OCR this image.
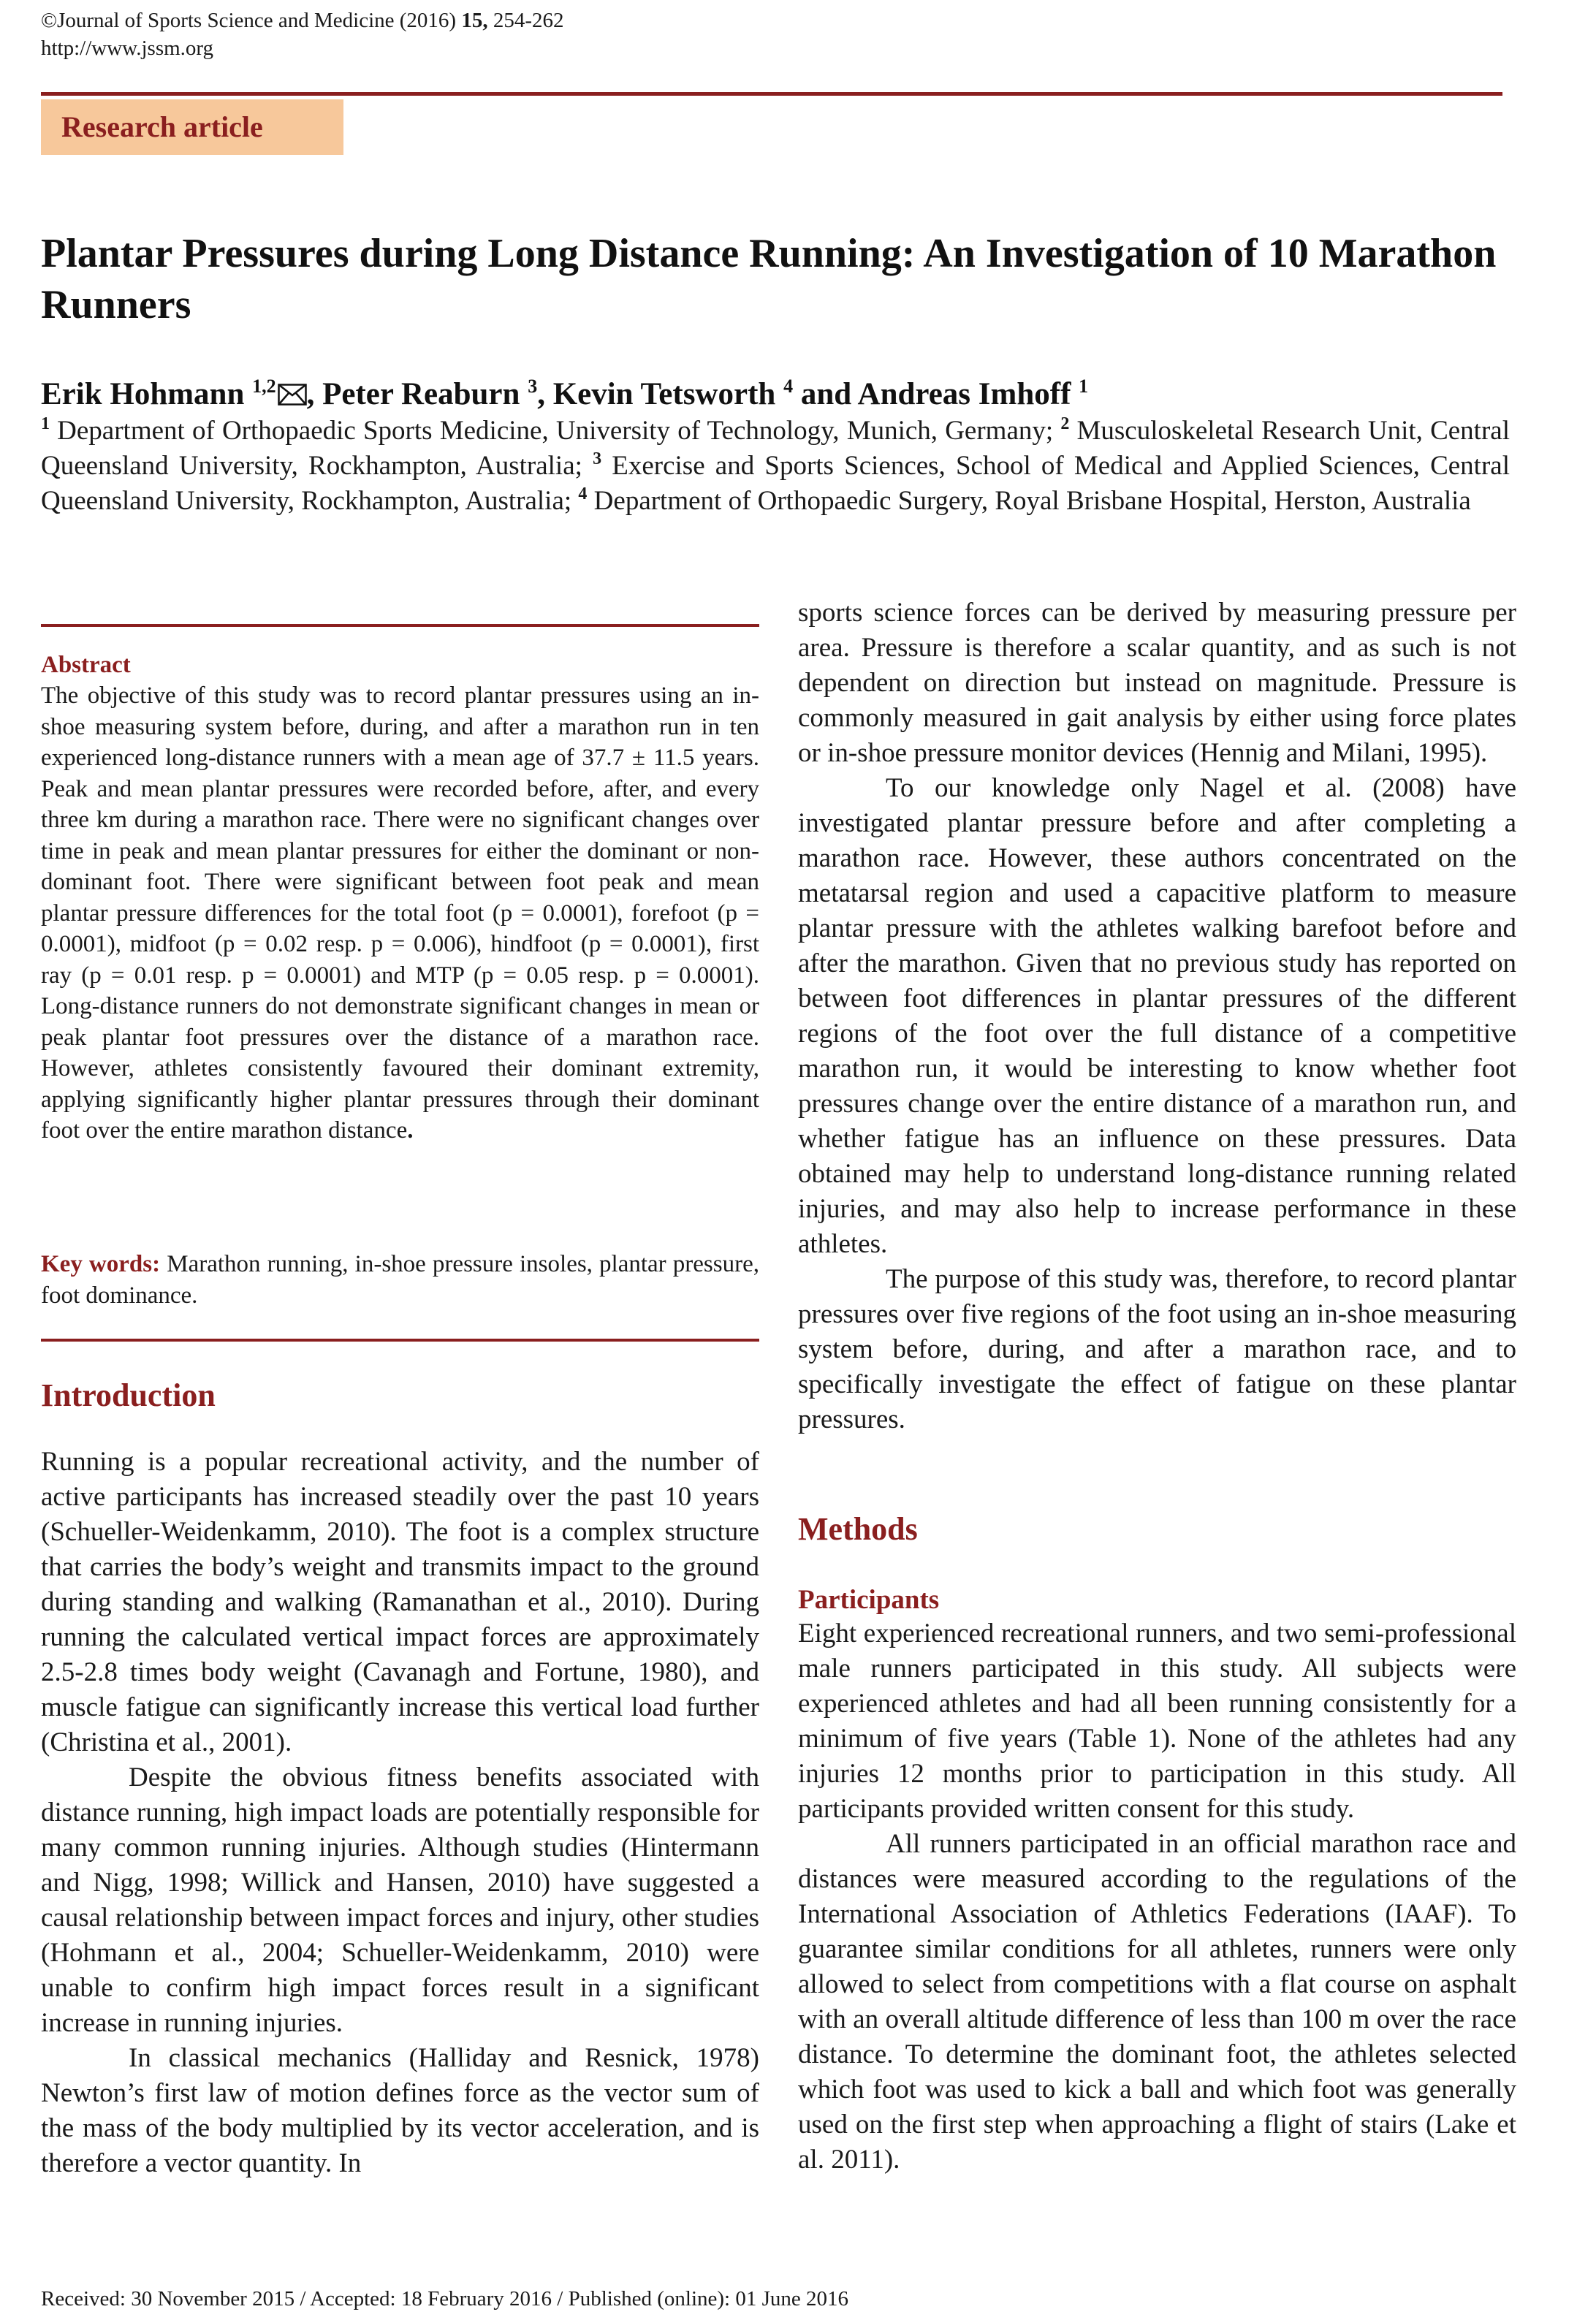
©Journal of Sports Science and Medicine (2016) 15, 254-262
http://www.jssm.org
Research article
Plantar Pressures during Long Distance Running: An Investigation of 10 Marathon Runners
Erik Hohmann $^{1,2}$ , Peter Reaburn $^3$, Kevin Tetsworth $^4$ and Andreas Imhoff $^1$
$^1$ Department of Orthopaedic Sports Medicine, University of Technology, Munich, Germany; $^2$ Musculoskeletal Research Unit, Central Queensland University, Rockhampton, Australia; $^3$ Exercise and Sports Sciences, School of Medical and Applied Sciences, Central Queensland University, Rockhampton, Australia; $^4$ Department of Orthopaedic Surgery, Royal Brisbane Hospital, Herston, Australia
Abstract
The objective of this study was to record plantar pressures using an in-shoe measuring system before, during, and after a marathon run in ten experienced long-distance runners with a mean age of 37.7 ± 11.5 years. Peak and mean plantar pressures were recorded before, after, and every three km during a marathon race. There were no significant changes over time in peak and mean plantar pressures for either the dominant or non-dominant foot. There were significant between foot peak and mean plantar pressure differences for the total foot (p = 0.0001), forefoot (p = 0.0001), midfoot (p = 0.02 resp. p = 0.006), hindfoot (p = 0.0001), first ray (p = 0.01 resp. p = 0.0001) and MTP (p = 0.05 resp. p = 0.0001). Long-distance runners do not demonstrate significant changes in mean or peak plantar foot pressures over the distance of a marathon race. However, athletes consistently favoured their dominant extremity, applying significantly higher plantar pressures through their dominant foot over the entire marathon distance.
Key words: Marathon running, in-shoe pressure insoles, plantar pressure, foot dominance.
Introduction

Running is a popular recreational activity, and the number of active participants has increased steadily over the past 10 years (Schueller-Weidenkamm, 2010). The foot is a complex structure that carries the body’s weight and transmits impact to the ground during standing and walking (Ramanathan et al., 2010). During running the calculated vertical impact forces are approximately 2.5-2.8 times body weight (Cavanagh and Fortune, 1980), and muscle fatigue can significantly increase this vertical load further (Christina et al., 2001).

Despite the obvious fitness benefits associated with distance running, high impact loads are potentially responsible for many common running injuries. Although studies (Hintermann and Nigg, 1998; Willick and Hansen, 2010) have suggested a causal relationship between impact forces and injury, other studies (Hohmann et al., 2004; Schueller-Weidenkamm, 2010) were unable to confirm high impact forces result in a significant increase in running injuries.

In classical mechanics (Halliday and Resnick, 1978) Newton’s first law of motion defines force as the vector sum of the mass of the body multiplied by its vector acceleration, and is therefore a vector quantity. In

sports science forces can be derived by measuring pressure per area. Pressure is therefore a scalar quantity, and as such is not dependent on direction but instead on magnitude. Pressure is commonly measured in gait analysis by either using force plates or in-shoe pressure monitor devices (Hennig and Milani, 1995).

To our knowledge only Nagel et al. (2008) have investigated plantar pressure before and after completing a marathon race. However, these authors concentrated on the metatarsal region and used a capacitive platform to measure plantar pressure with the athletes walking barefoot before and after the marathon. Given that no previous study has reported on between foot differences in plantar pressures of the different regions of the foot over the full distance of a competitive marathon run, it would be interesting to know whether foot pressures change over the entire distance of a marathon run, and whether fatigue has an influence on these pressures. Data obtained may help to understand long-distance running related injuries, and may also help to increase performance in these athletes.

The purpose of this study was, therefore, to record plantar pressures over five regions of the foot using an in-shoe measuring system before, during, and after a marathon race, and to specifically investigate the effect of fatigue on these plantar pressures.

Methods
Participants

Eight experienced recreational runners, and two semi-professional male runners participated in this study. All subjects were experienced athletes and had all been running consistently for a minimum of five years (Table 1). None of the athletes had any injuries 12 months prior to participation in this study. All participants provided written consent for this study.

All runners participated in an official marathon race and distances were measured according to the regulations of the International Association of Athletics Federations (IAAF). To guarantee similar conditions for all athletes, runners were only allowed to select from competitions with a flat course on asphalt with an overall altitude difference of less than 100 m over the race distance. To determine the dominant foot, the athletes selected which foot was used to kick a ball and which foot was generally used on the first step when approaching a flight of stairs (Lake et al. 2011).

Received: 30 November 2015 / Accepted: 18 February 2016 / Published (online): 01 June 2016
